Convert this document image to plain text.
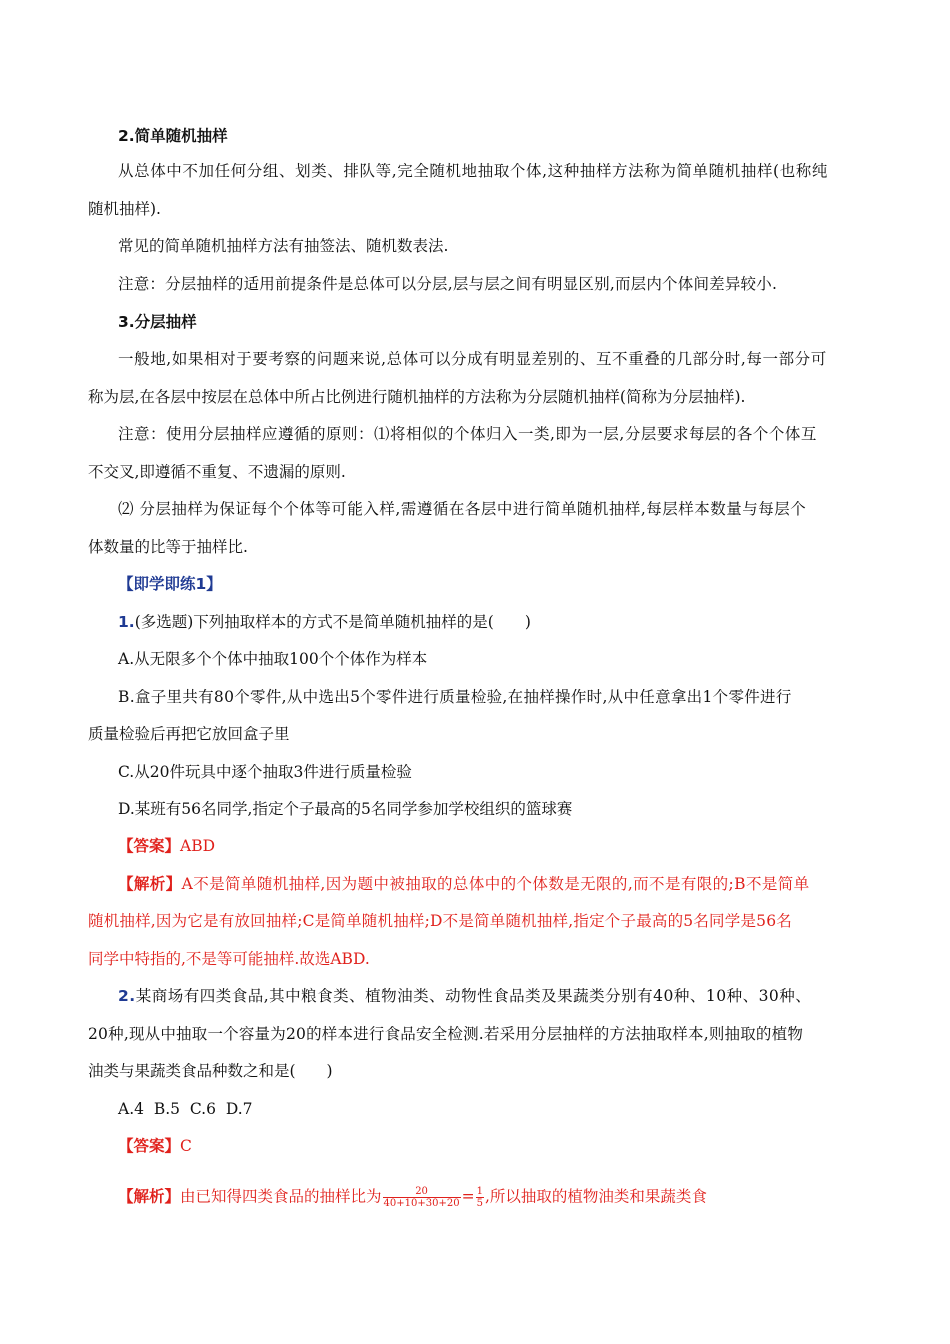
2.简单随机抽样
从总体中不加任何分组、划类、排队等,完全随机地抽取个体,这种抽样方法称为简单随机抽样(也称纯
随机抽样).
常见的简单随机抽样方法有抽签法、随机数表法.
注意：分层抽样的适用前提条件是总体可以分层,层与层之间有明显区别,而层内个体间差异较小.
3.分层抽样
一般地,如果相对于要考察的问题来说,总体可以分成有明显差别的、互不重叠的几部分时,每一部分可
称为层,在各层中按层在总体中所占比例进行随机抽样的方法称为分层随机抽样(简称为分层抽样).
注意：使用分层抽样应遵循的原则：⑴将相似的个体归入一类,即为一层,分层要求每层的各个个体互
不交叉,即遵循不重复、不遗漏的原则.
⑵ 分层抽样为保证每个个体等可能入样,需遵循在各层中进行简单随机抽样,每层样本数量与每层个
体数量的比等于抽样比.
【即学即练1】
1.(多选题)下列抽取样本的方式不是简单随机抽样的是(　　)
A.从无限多个个体中抽取100个个体作为样本
B.盒子里共有80个零件,从中选出5个零件进行质量检验,在抽样操作时,从中任意拿出1个零件进行
质量检验后再把它放回盒子里
C.从20件玩具中逐个抽取3件进行质量检验
D.某班有56名同学,指定个子最高的5名同学参加学校组织的篮球赛
【答案】ABD
【解析】A不是简单随机抽样,因为题中被抽取的总体中的个体数是无限的,而不是有限的;B不是简单
随机抽样,因为它是有放回抽样;C是简单随机抽样;D不是简单随机抽样,指定个子最高的5名同学是56名
同学中特指的,不是等可能抽样.故选ABD.
2.某商场有四类食品,其中粮食类、植物油类、动物性食品类及果蔬类分别有40种、10种、30种、
20种,现从中抽取一个容量为20的样本进行食品安全检测.若采用分层抽样的方法抽取样本,则抽取的植物
油类与果蔬类食品种数之和是(　　)
A.4  B.5  C.6  D.7
【答案】C
【解析】由已知得四类食品的抽样比为 $\frac{20}{40+10+30+20} = \frac{1}{5}$ ,所以抽取的植物油类和果蔬类食
